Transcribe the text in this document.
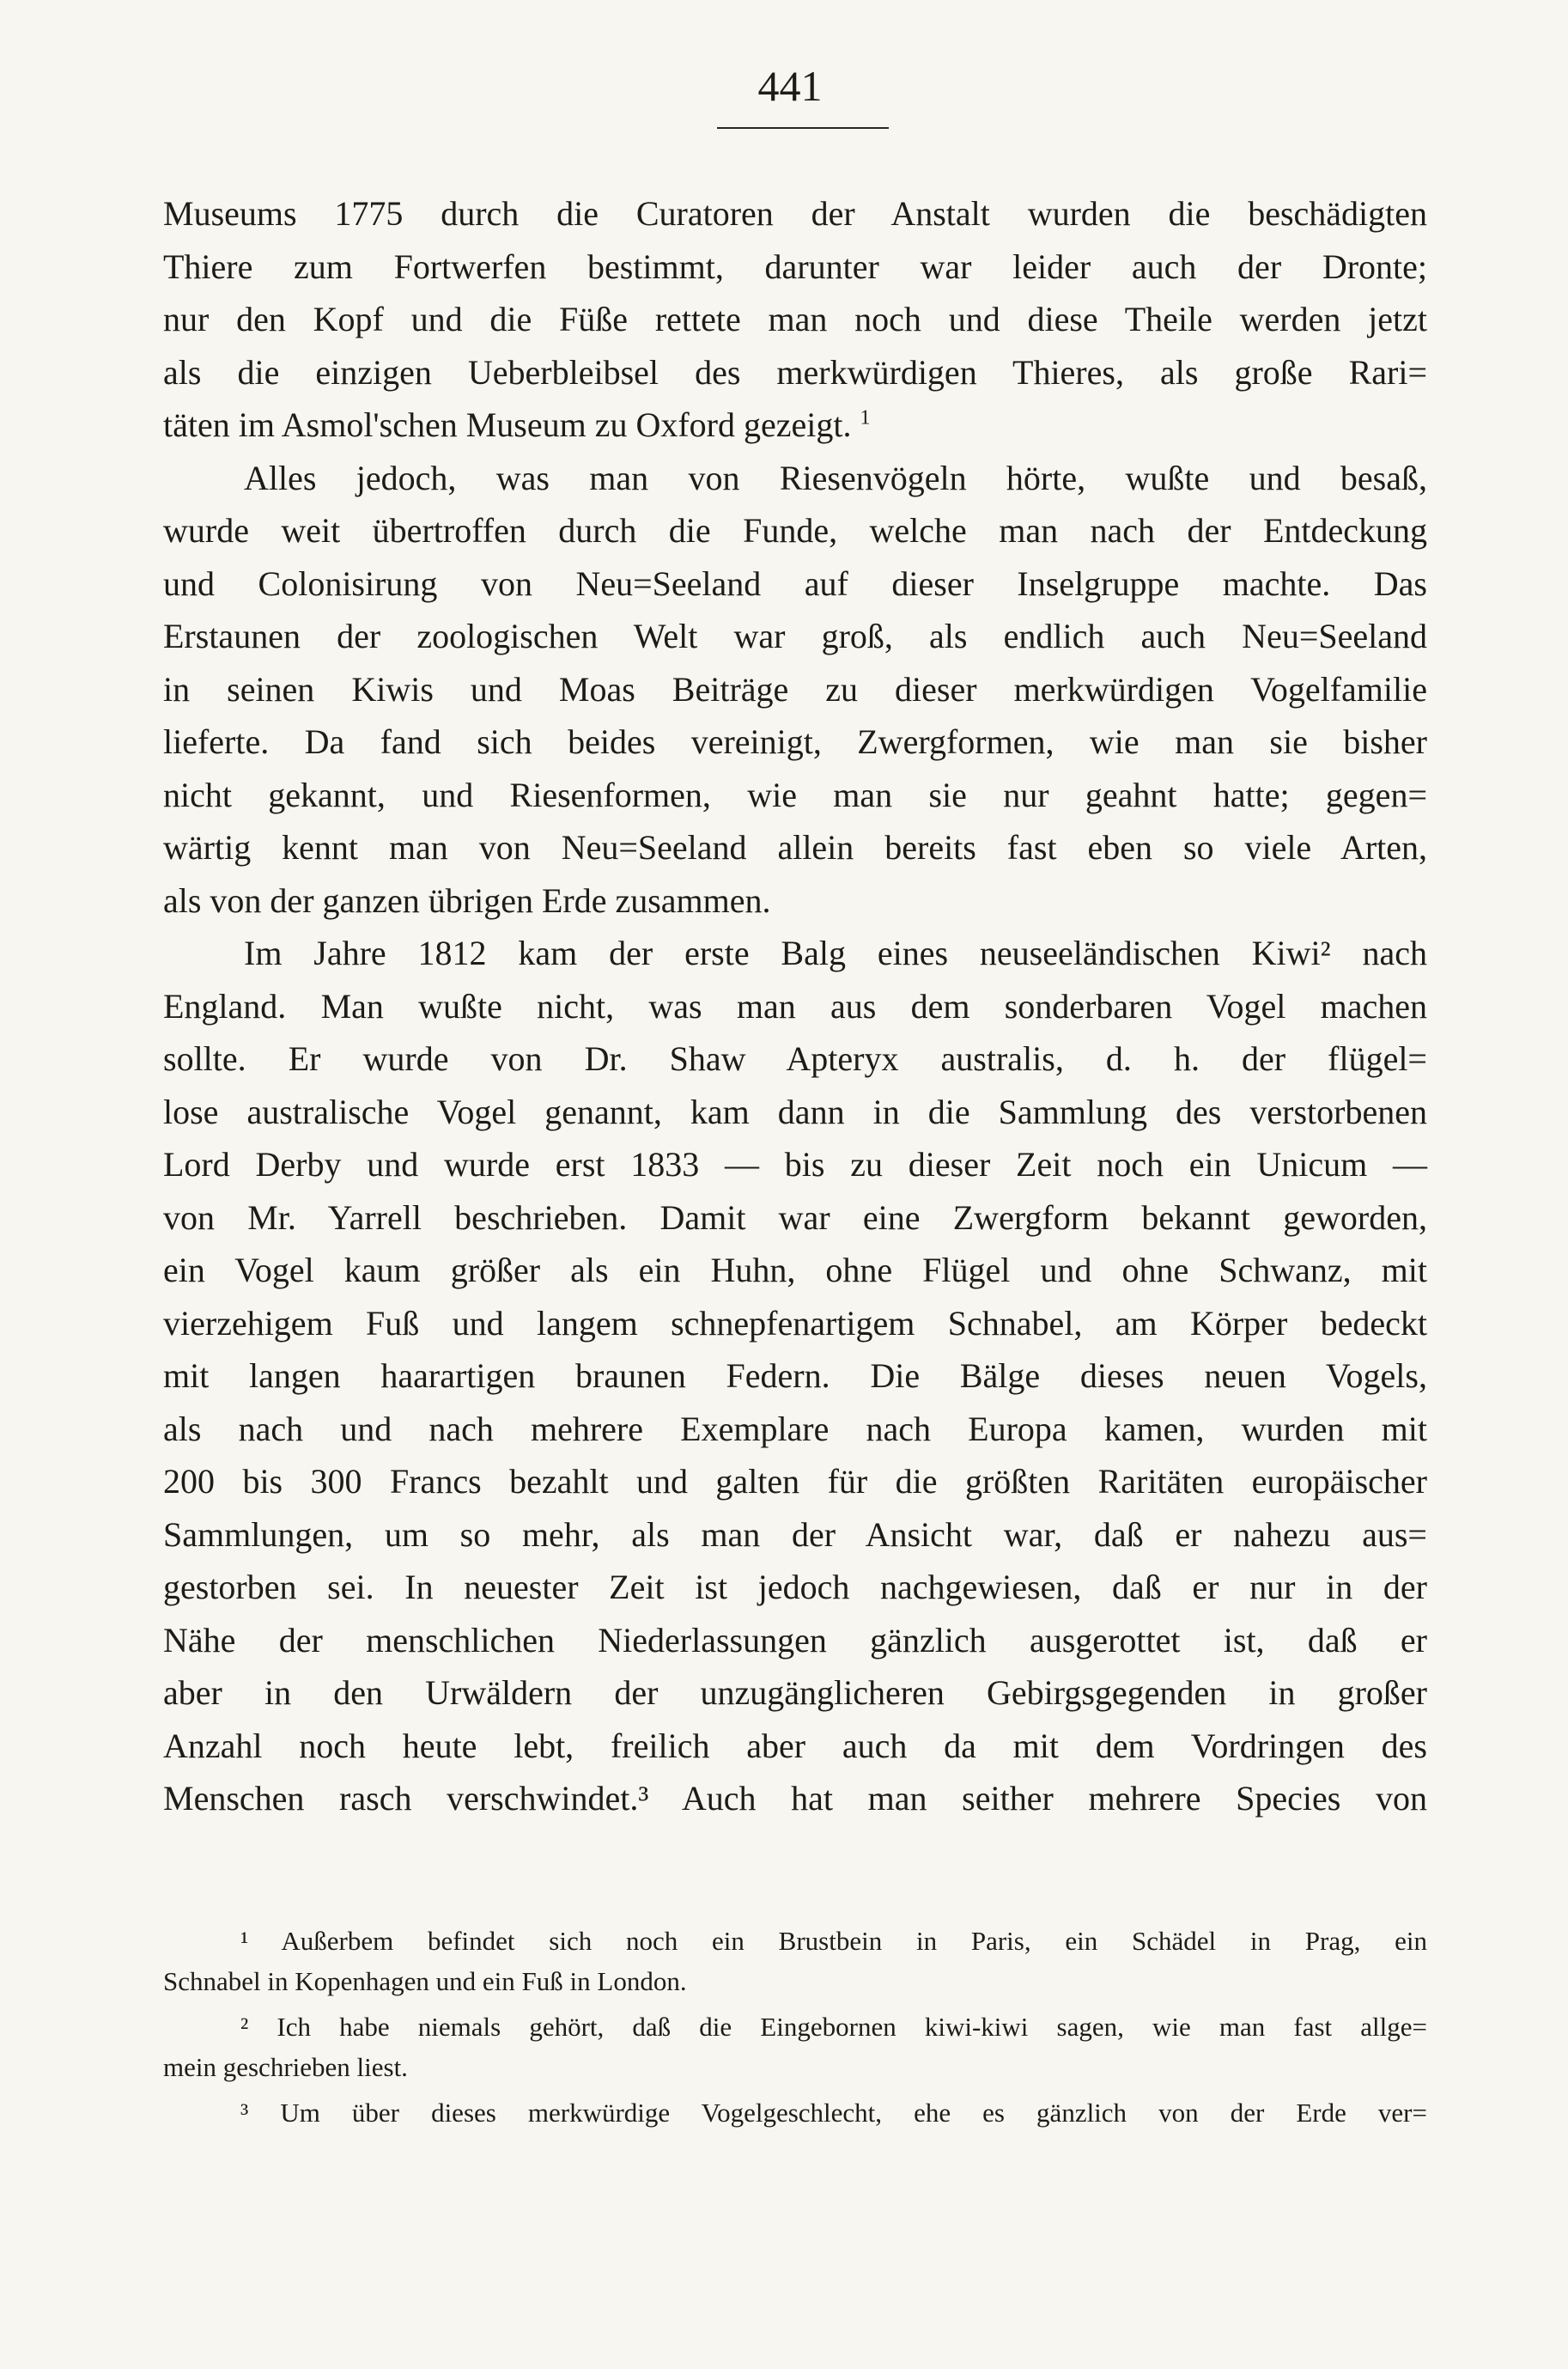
441
Museums 1775 durch die Curatoren der Anstalt wurden die beschädigten
Thiere zum Fortwerfen bestimmt, darunter war leider auch der Dronte;
nur den Kopf und die Füße rettete man noch und diese Theile werden jetzt
als die einzigen Ueberbleibsel des merkwürdigen Thieres, als große Rari=
täten im Asmol'schen Museum zu Oxford gezeigt. $^1$
Alles jedoch, was man von Riesenvögeln hörte, wußte und besaß,
wurde weit übertroffen durch die Funde, welche man nach der Entdeckung
und Colonisirung von Neu=Seeland auf dieser Inselgruppe machte. Das
Erstaunen der zoologischen Welt war groß, als endlich auch Neu=Seeland
in seinen Kiwis und Moas Beiträge zu dieser merkwürdigen Vogelfamilie
lieferte. Da fand sich beides vereinigt, Zwergformen, wie man sie bisher
nicht gekannt, und Riesenformen, wie man sie nur geahnt hatte; gegen=
wärtig kennt man von Neu=Seeland allein bereits fast eben so viele Arten,
als von der ganzen übrigen Erde zusammen.
Im Jahre 1812 kam der erste Balg eines neuseeländischen Kiwi² nach
England. Man wußte nicht, was man aus dem sonderbaren Vogel machen
sollte. Er wurde von Dr. Shaw Apteryx australis, d. h. der flügel=
lose australische Vogel genannt, kam dann in die Sammlung des verstorbenen
Lord Derby und wurde erst 1833 — bis zu dieser Zeit noch ein Unicum —
von Mr. Yarrell beschrieben. Damit war eine Zwergform bekannt geworden,
ein Vogel kaum größer als ein Huhn, ohne Flügel und ohne Schwanz, mit
vierzehigem Fuß und langem schnepfenartigem Schnabel, am Körper bedeckt
mit langen haarartigen braunen Federn. Die Bälge dieses neuen Vogels,
als nach und nach mehrere Exemplare nach Europa kamen, wurden mit
200 bis 300 Francs bezahlt und galten für die größten Raritäten europäischer
Sammlungen, um so mehr, als man der Ansicht war, daß er nahezu aus=
gestorben sei. In neuester Zeit ist jedoch nachgewiesen, daß er nur in der
Nähe der menschlichen Niederlassungen gänzlich ausgerottet ist, daß er
aber in den Urwäldern der unzugänglicheren Gebirgsgegenden in großer
Anzahl noch heute lebt, freilich aber auch da mit dem Vordringen des
Menschen rasch verschwindet.³ Auch hat man seither mehrere Species von
¹ Außerbem befindet sich noch ein Brustbein in Paris, ein Schädel in Prag, ein
Schnabel in Kopenhagen und ein Fuß in London.
² Ich habe niemals gehört, daß die Eingebornen kiwi-kiwi sagen, wie man fast allge=
mein geschrieben liest.
³ Um über dieses merkwürdige Vogelgeschlecht, ehe es gänzlich von der Erde ver=
